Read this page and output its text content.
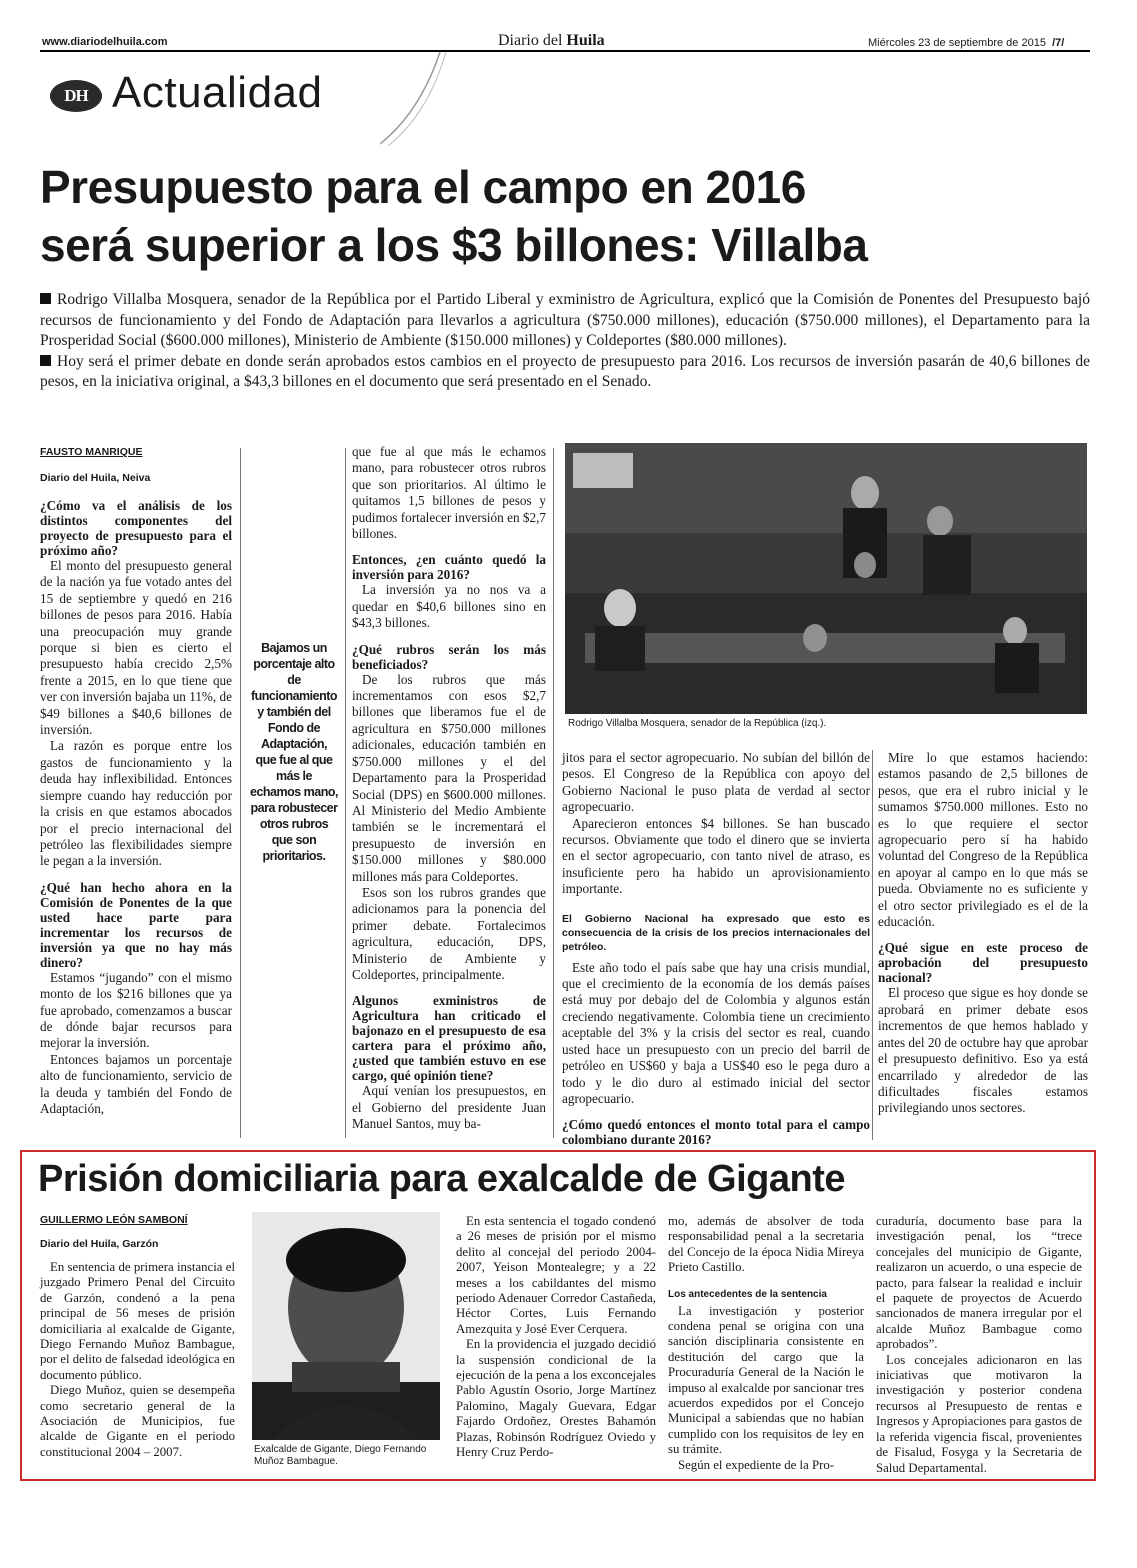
www.diariodelhuila.com	Diario del Huila	Miércoles 23 de septiembre de 2015 /7/
DH Actualidad
Presupuesto para el campo en 2016
será superior a los $3 billones: Villalba

Rodrigo Villalba Mosquera, senador de la República por el Partido Liberal y exministro de Agricultura, explicó que la Comisión de Ponentes del Presupuesto bajó recursos de funcionamiento y del Fondo de Adaptación para llevarlos a agricultura ($750.000 millones), educación ($750.000 millones), el Departamento para la Prosperidad Social ($600.000 millones), Ministerio de Ambiente ($150.000 millones) y Coldeportes ($80.000 millones).

Hoy será el primer debate en donde serán aprobados estos cambios en el proyecto de presupuesto para 2016. Los recursos de inversión pasarán de 40,6 billones de pesos, en la iniciativa original, a $43,3 billones en el documento que será presentado en el Senado.

FAUSTO MANRIQUE
Diario del Huila, Neiva
¿Cómo va el análisis de los distintos componentes del proyecto de presupuesto para el próximo año?

El monto del presupuesto general de la nación ya fue votado antes del 15 de septiembre y quedó en 216 billones de pesos para 2016. Había una preocupación muy grande porque si bien es cierto el presupuesto había crecido 2,5% frente a 2015, en lo que tiene que ver con inversión bajaba un 11%, de $49 billones a $40,6 billones de inversión.

La razón es porque entre los gastos de funcionamiento y la deuda hay inflexibilidad. Entonces siempre cuando hay reducción por la crisis en que estamos abocados por el precio internacional del petróleo las flexibilidades siempre le pegan a la inversión.

¿Qué han hecho ahora en la Comisión de Ponentes de la que usted hace parte para incrementar los recursos de inversión ya que no hay más dinero?

Estamos “jugando” con el mismo monto de los $216 billones que ya fue aprobado, comenzamos a buscar de dónde bajar recursos para mejorar la inversión.

Entonces bajamos un porcentaje alto de funcionamiento, servicio de la deuda y también del Fondo de Adaptación,

Bajamos un porcentaje alto de funcionamiento y también del Fondo de Adaptación, que fue al que más le echamos mano, para robustecer otros rubros que son prioritarios.

que fue al que más le echamos mano, para robustecer otros rubros que son prioritarios. Al último le quitamos 1,5 billones de pesos y pudimos fortalecer inversión en $2,7 billones.

Entonces, ¿en cuánto quedó la inversión para 2016?

La inversión ya no nos va a quedar en $40,6 billones sino en $43,3 billones.

¿Qué rubros serán los más beneficiados?

De los rubros que más incrementamos con esos $2,7 billones que liberamos fue el de agricultura en $750.000 millones adicionales, educación también en $750.000 millones y el del Departamento para la Prosperidad Social (DPS) en $600.000 millones. Al Ministerio del Medio Ambiente también se le incrementará el presupuesto de inversión en $150.000 millones y $80.000 millones más para Coldeportes.

Esos son los rubros grandes que adicionamos para la ponencia del primer debate. Fortalecimos agricultura, educación, DPS, Ministerio de Ambiente y Coldeportes, principalmente.

Algunos exministros de Agricultura han criticado el bajonazo en el presupuesto de esa cartera para el próximo año, ¿usted que también estuvo en ese cargo, qué opinión tiene?

Aquí venían los presupuestos, en el Gobierno del presidente Juan Manuel Santos, muy ba-

Rodrigo Villalba Mosquera, senador de la República (izq.).

jitos para el sector agropecuario. No subían del billón de pesos. El Congreso de la República con apoyo del Gobierno Nacional le puso plata de verdad al sector agropecuario.

Aparecieron entonces $4 billones. Se han buscado recursos. Obviamente que todo el dinero que se invierta en el sector agropecuario, con tanto nivel de atraso, es insuficiente pero ha habido un aprovisionamiento importante.

El Gobierno Nacional ha expresado que esto es consecuencia de la crisis de los precios internacionales del petróleo.

Este año todo el país sabe que hay una crisis mundial, que el crecimiento de la economía de los demás países está muy por debajo del de Colombia y algunos están creciendo negativamente. Colombia tiene un crecimiento aceptable del 3% y la crisis del sector es real, cuando usted hace un presupuesto con un precio del barril de petróleo en US$60 y baja a US$40 eso le pega duro a todo y le dio duro al estimado inicial del sector agropecuario.

¿Cómo quedó entonces el monto total para el campo colombiano durante 2016?

Mire lo que estamos haciendo: estamos pasando de 2,5 billones de pesos, que era el rubro inicial y le sumamos $750.000 millones. Esto no es lo que requiere el sector agropecuario pero sí ha habido voluntad del Congreso de la República en apoyar al campo en lo que más se pueda. Obviamente no es suficiente y el otro sector privilegiado es el de la educación.

¿Qué sigue en este proceso de aprobación del presupuesto nacional?

El proceso que sigue es hoy donde se aprobará en primer debate esos incrementos de que hemos hablado y antes del 20 de octubre hay que aprobar el presupuesto definitivo. Eso ya está encarrilado y alrededor de las dificultades fiscales estamos privilegiando unos sectores.

Prisión domiciliaria para exalcalde de Gigante
GUILLERMO LEÓN SAMBONÍ
Diario del Huila, Garzón

En sentencia de primera instancia el juzgado Primero Penal del Circuito de Garzón, condenó a la pena principal de 56 meses de prisión domiciliaria al exalcalde de Gigante, Diego Fernando Muñoz Bambague, por el delito de falsedad ideológica en documento público.

Diego Muñoz, quien se desempeña como secretario general de la Asociación de Municipios, fue alcalde de Gigante en el periodo constitucional 2004 – 2007.	Exalcalde de Gigante, Diego Fernando Muñoz Bambague.

En esta sentencia el togado condenó a 26 meses de prisión por el mismo delito al concejal del periodo 2004- 2007, Yeison Montealegre; y a 22 meses a los cabildantes del mismo periodo Adenauer Corredor Castañeda, Héctor Cortes, Luis Fernando Amezquita y José Ever Cerquera.

En la providencia el juzgado decidió la suspensión condicional de la ejecución de la pena a los exconcejales Pablo Agustín Osorio, Jorge Martínez Palomino, Magaly Guevara, Edgar Fajardo Ordoñez, Orestes Bahamón Plazas, Robinsón Rodríguez Oviedo y Henry Cruz Perdo-

mo, además de absolver de toda responsabilidad penal a la secretaria del Concejo de la época Nidia Mireya Prieto Castillo.

Los antecedentes de la sentencia

La investigación y posterior condena penal se origina con una sanción disciplinaria consistente en destitución del cargo que la Procuraduría General de la Nación le impuso al exalcalde por sancionar tres acuerdos expedidos por el Concejo Municipal a sabiendas que no habían cumplido con los requisitos de ley en su trámite.

Según el expediente de la Pro-

curaduría, documento base para la investigación penal, los “trece concejales del municipio de Gigante, realizaron un acuerdo, o una especie de pacto, para falsear la realidad e incluir el paquete de proyectos de Acuerdo sancionados de manera irregular por el alcalde Muñoz Bambague como aprobados”.

Los concejales adicionaron en las iniciativas que motivaron la investigación y posterior condena recursos al Presupuesto de rentas e Ingresos y Apropiaciones para gastos de la referida vigencia fiscal, provenientes de Fisalud, Fosyga y la Secretaria de Salud Departamental.
